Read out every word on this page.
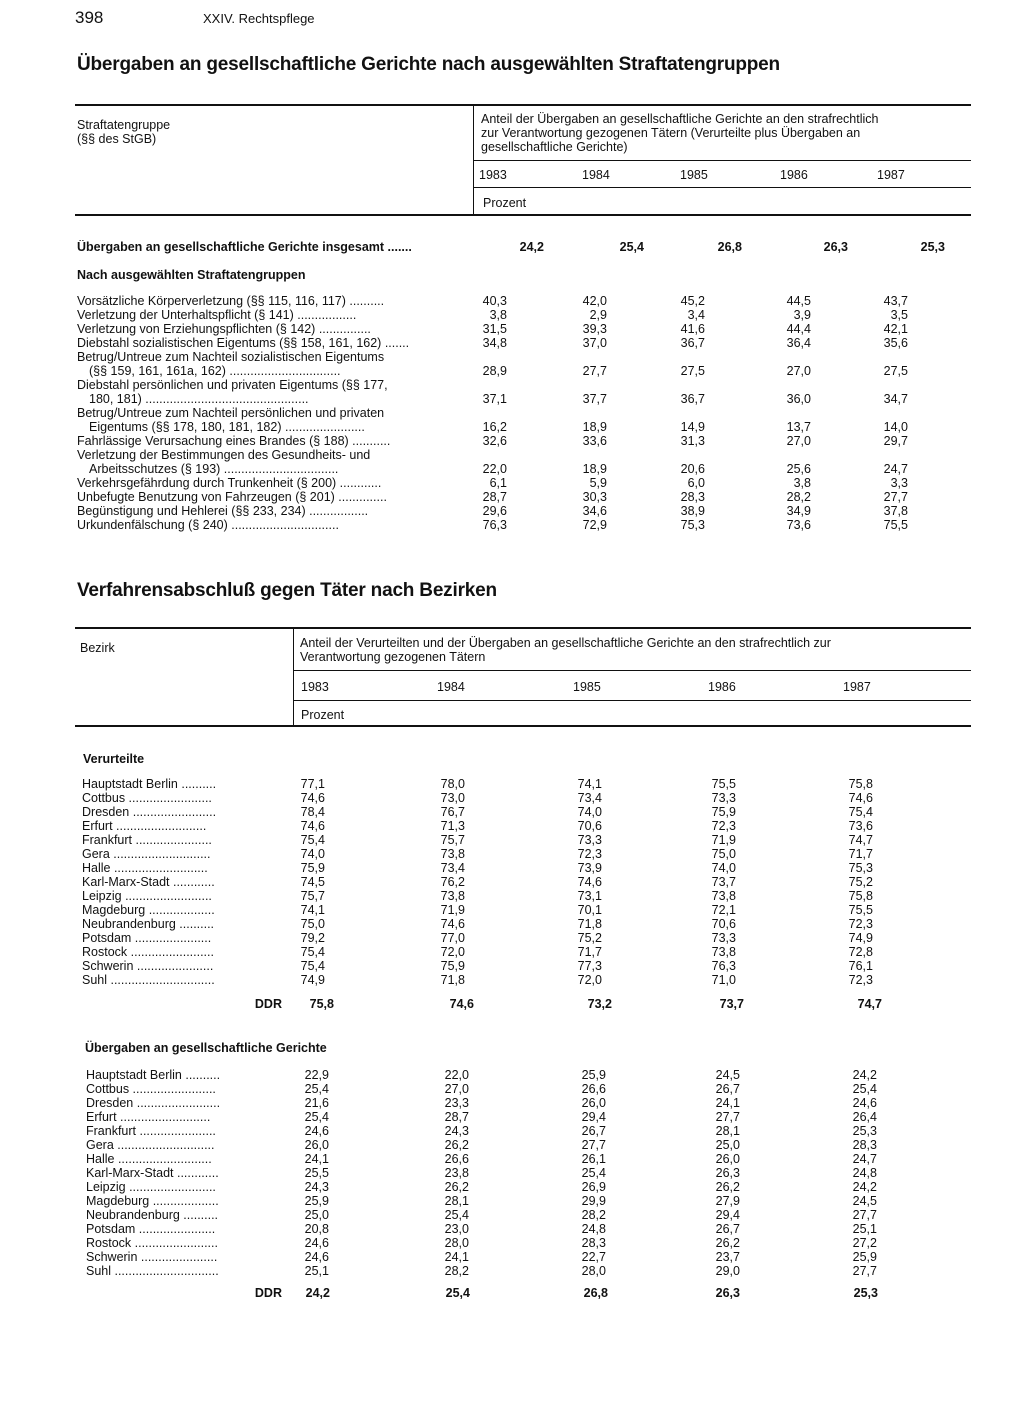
398	XXIV. Rechtspflege
Übergaben an gesellschaftliche Gerichte nach ausgewählten Straftatengruppen
Straftatengruppe
(§§ des StGB)
Anteil der Übergaben an gesellschaftliche Gerichte an den strafrechtlich
zur Verantwortung gezogenen Tätern (Verurteilte plus Übergaben an
gesellschaftliche Gerichte)
1983	1984	1985	1986	1987
Prozent
Übergaben an gesellschaftliche Gerichte insgesamt .......	24,2	25,4	26,8	26,3	25,3
Nach ausgewählten Straftatengruppen
Vorsätzliche Körperverletzung (§§ 115, 116, 117) ..........	40,3	42,0	45,2	44,5	43,7
Verletzung der Unterhaltspflicht (§ 141) .................	3,8	2,9	3,4	3,9	3,5
Verletzung von Erziehungspflichten (§ 142) ...............	31,5	39,3	41,6	44,4	42,1
Diebstahl sozialistischen Eigentums (§§ 158, 161, 162) .......	34,8	37,0	36,7	36,4	35,6
Betrug/Untreue zum Nachteil sozialistischen Eigentums
(§§ 159, 161, 161a, 162) ................................	28,9	27,7	27,5	27,0	27,5
Diebstahl persönlichen und privaten Eigentums (§§ 177,
180, 181) ...............................................	37,1	37,7	36,7	36,0	34,7
Betrug/Untreue zum Nachteil persönlichen und privaten
Eigentums (§§ 178, 180, 181, 182) .......................	16,2	18,9	14,9	13,7	14,0
Fahrlässige Verursachung eines Brandes (§ 188) ...........	32,6	33,6	31,3	27,0	29,7
Verletzung der Bestimmungen des Gesundheits- und
Arbeitsschutzes (§ 193) .................................	22,0	18,9	20,6	25,6	24,7
Verkehrsgefährdung durch Trunkenheit (§ 200) ............	6,1	5,9	6,0	3,8	3,3
Unbefugte Benutzung von Fahrzeugen (§ 201) ..............	28,7	30,3	28,3	28,2	27,7
Begünstigung und Hehlerei (§§ 233, 234) .................	29,6	34,6	38,9	34,9	37,8
Urkundenfälschung (§ 240) ...............................	76,3	72,9	75,3	73,6	75,5
Verfahrensabschluß gegen Täter nach Bezirken
Bezirk	Anteil der Verurteilten und der Übergaben an gesellschaftliche Gerichte an den strafrechtlich zur
Verantwortung gezogenen Tätern
1983	1984	1985	1986	1987
Prozent
Verurteilte
Hauptstadt Berlin ..........	77,1	78,0	74,1	75,5	75,8
Cottbus ........................	74,6	73,0	73,4	73,3	74,6
Dresden ........................	78,4	76,7	74,0	75,9	75,4
Erfurt ..........................	74,6	71,3	70,6	72,3	73,6
Frankfurt ......................	75,4	75,7	73,3	71,9	74,7
Gera ............................	74,0	73,8	72,3	75,0	71,7
Halle ...........................	75,9	73,4	73,9	74,0	75,3
Karl-Marx-Stadt ............	74,5	76,2	74,6	73,7	75,2
Leipzig .........................	75,7	73,8	73,1	73,8	75,8
Magdeburg ...................	74,1	71,9	70,1	72,1	75,5
Neubrandenburg ..........	75,0	74,6	71,8	70,6	72,3
Potsdam ......................	79,2	77,0	75,2	73,3	74,9
Rostock ........................	75,4	72,0	71,7	73,8	72,8
Schwerin ......................	75,4	75,9	77,3	76,3	76,1
Suhl ..............................	74,9	71,8	72,0	71,0	72,3
DDR	75,8	74,6	73,2	73,7	74,7
Übergaben an gesellschaftliche Gerichte
Hauptstadt Berlin ..........	22,9	22,0	25,9	24,5	24,2
Cottbus ........................	25,4	27,0	26,6	26,7	25,4
Dresden ........................	21,6	23,3	26,0	24,1	24,6
Erfurt ..........................	25,4	28,7	29,4	27,7	26,4
Frankfurt ......................	24,6	24,3	26,7	28,1	25,3
Gera ............................	26,0	26,2	27,7	25,0	28,3
Halle ...........................	24,1	26,6	26,1	26,0	24,7
Karl-Marx-Stadt ............	25,5	23,8	25,4	26,3	24,8
Leipzig .........................	24,3	26,2	26,9	26,2	24,2
Magdeburg ...................	25,9	28,1	29,9	27,9	24,5
Neubrandenburg ..........	25,0	25,4	28,2	29,4	27,7
Potsdam ......................	20,8	23,0	24,8	26,7	25,1
Rostock ........................	24,6	28,0	28,3	26,2	27,2
Schwerin ......................	24,6	24,1	22,7	23,7	25,9
Suhl ..............................	25,1	28,2	28,0	29,0	27,7
DDR	24,2	25,4	26,8	26,3	25,3
